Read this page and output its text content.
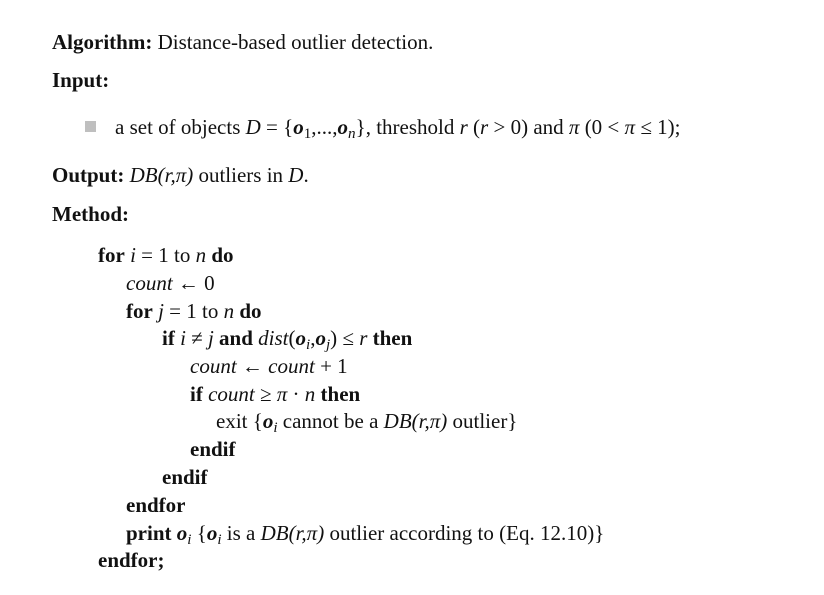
Algorithm: Distance-based outlier detection.
Input:
a set of objects $D = \{o_1,...,o_n\}$, threshold r (r > 0) and π (0 < π ≤ 1);
Output: DB(r,π) outliers in D.
Method:
for i = 1 to n do
count ← 0
for j = 1 to n do
if i ≠ j and $dist(o_i,o_j) \le r$ then
count ← count + 1
if count ≥ π · n then
exit {$o_i$ cannot be a DB(r,π) outlier}
endif
endif
endfor
print $o_i$ {$o_i$ is a DB(r,π) outlier according to (Eq. 12.10)}
endfor;
